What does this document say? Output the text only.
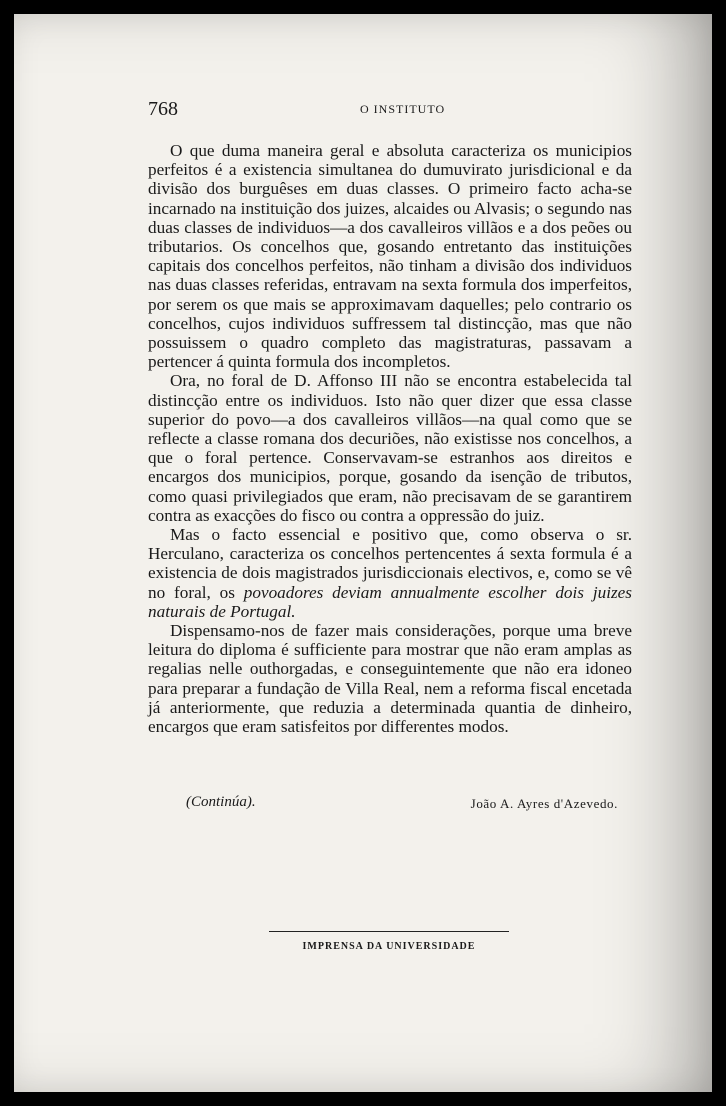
768	O INSTITUTO

O que duma maneira geral e absoluta caracteriza os municipios perfeitos é a existencia simultanea do dumuvirato jurisdicional e da divisão dos burguêses em duas classes. O primeiro facto acha-se incarnado na instituição dos juizes, alcaides ou Alvasis; o segundo nas duas classes de individuos—a dos cavalleiros villãos e a dos peões ou tributarios. Os concelhos que, gosando entretanto das instituições capitais dos concelhos perfeitos, não tinham a divisão dos individuos nas duas classes referidas, entravam na sexta formula dos imperfeitos, por serem os que mais se approximavam daquelles; pelo contrario os concelhos, cujos individuos suffressem tal distincção, mas que não possuissem o quadro completo das magistraturas, passavam a pertencer á quinta formula dos incompletos.

Ora, no foral de D. Affonso III não se encontra estabelecida tal distincção entre os individuos. Isto não quer dizer que essa classe superior do povo—a dos cavalleiros villãos—na qual como que se reflecte a classe romana dos decuriões, não existisse nos concelhos, a que o foral pertence. Conservavam-se estranhos aos direitos e encargos dos municipios, porque, gosando da isenção de tributos, como quasi privilegiados que eram, não precisavam de se garantirem contra as exacções do fisco ou contra a oppressão do juiz.

Mas o facto essencial e positivo que, como observa o sr. Herculano, caracteriza os concelhos pertencentes á sexta formula é a existencia de dois magistrados jurisdiccionais electivos, e, como se vê no foral, os povoadores deviam annualmente escolher dois juizes naturais de Portugal.

Dispensamo-nos de fazer mais considerações, porque uma breve leitura do diploma é sufficiente para mostrar que não eram amplas as regalias nelle outhorgadas, e conseguintemente que não era idoneo para preparar a fundação de Villa Real, nem a reforma fiscal encetada já anteriormente, que reduzia a determinada quantia de dinheiro, encargos que eram satisfeitos por differentes modos.

(Continúa).	João A. Ayres d'Azevedo.
IMPRENSA DA UNIVERSIDADE
